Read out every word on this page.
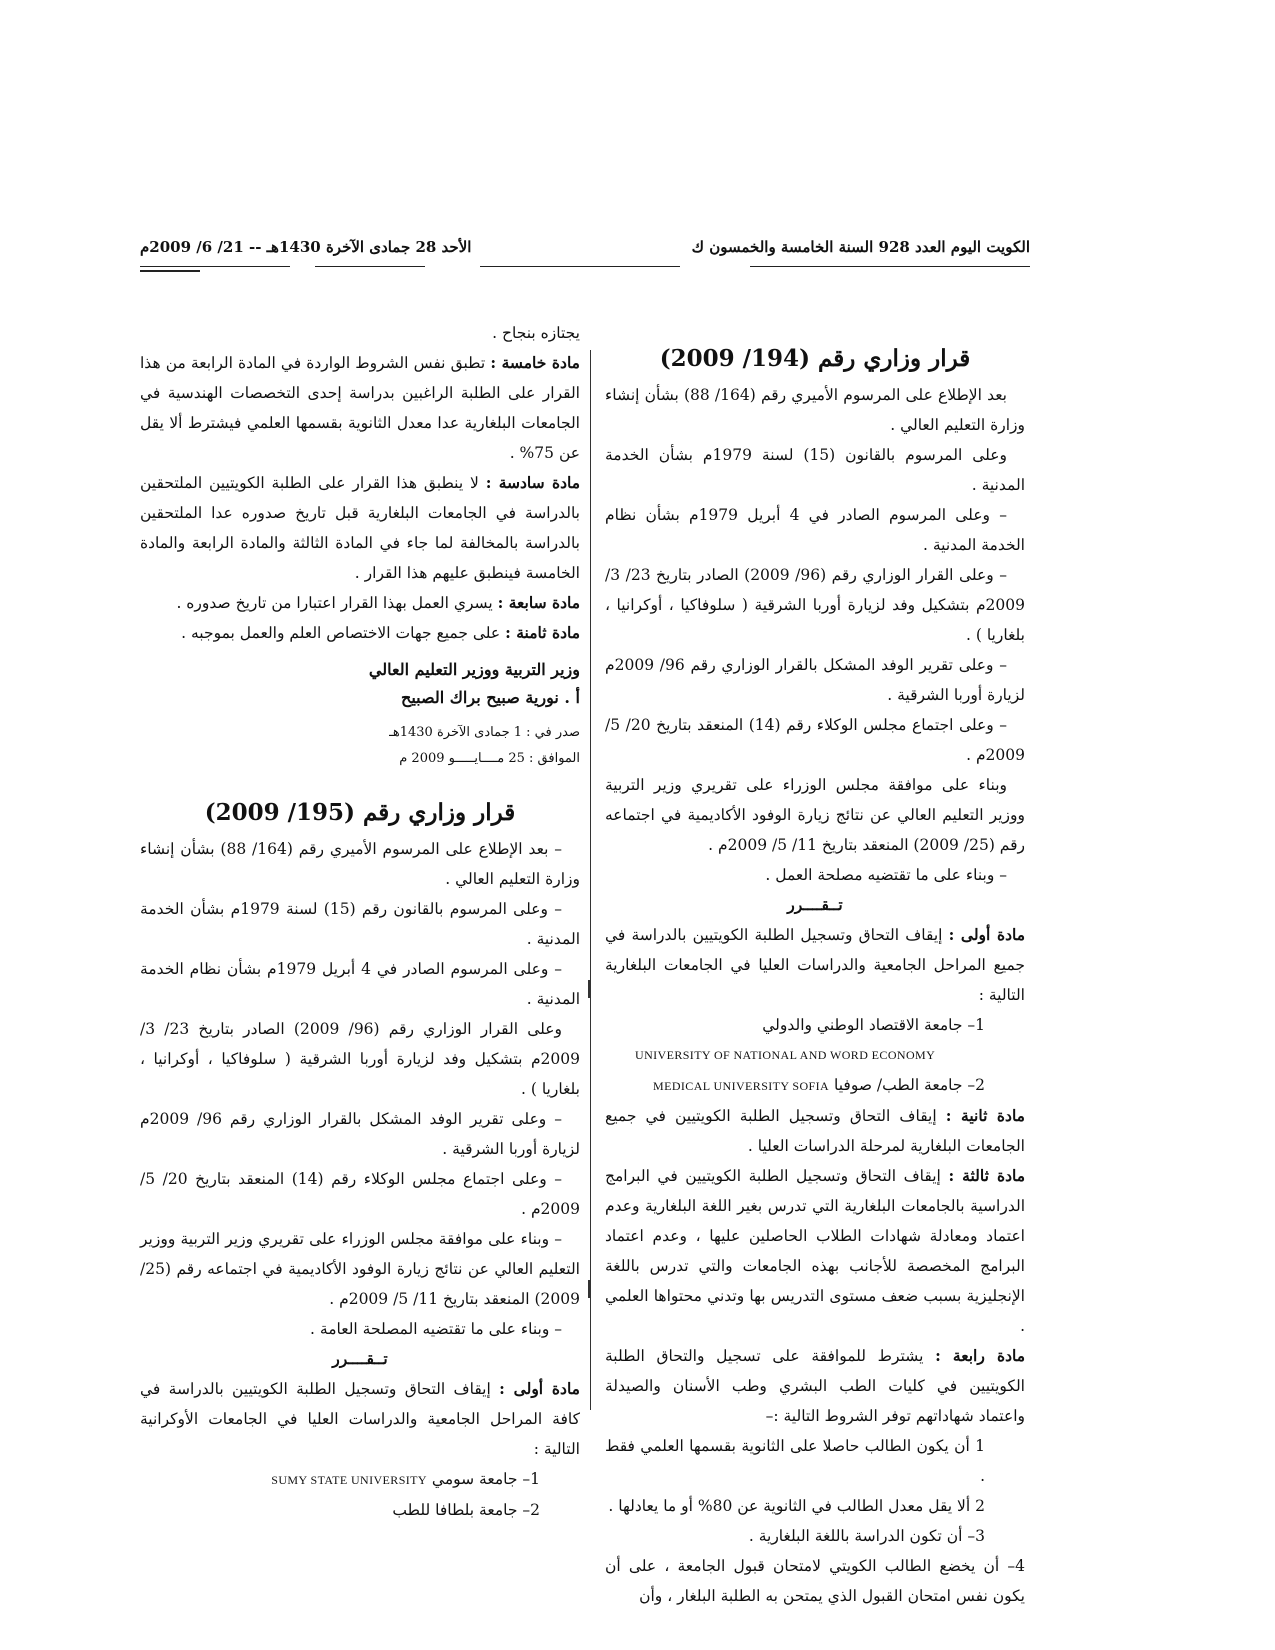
الكويت اليوم العدد 928 السنة الخامسة والخمسون ك
الأحد 28 جمادى الآخرة 1430هـ -- 21/ 6/ 2009م

قرار وزاري رقم (194/ 2009)

بعد الإطلاع على المرسوم الأميري رقم (164/ 88) بشأن إنشاء وزارة التعليم العالي .

وعلى المرسوم بالقانون (15) لسنة 1979م بشأن الخدمة المدنية .

– وعلى المرسوم الصادر في 4 أبريل 1979م بشأن نظام الخدمة المدنية .

– وعلى القرار الوزاري رقم (96/ 2009) الصادر بتاريخ 23/ 3/ 2009م بتشكيل وفد لزيارة أوربا الشرقية ( سلوفاكيا ، أوكرانيا ، بلغاريا ) .

– وعلى تقرير الوفد المشكل بالقرار الوزاري رقم 96/ 2009م لزيارة أوربا الشرقية .

– وعلى اجتماع مجلس الوكلاء رقم (14) المنعقد بتاريخ 20/ 5/ 2009م .

وبناء على موافقة مجلس الوزراء على تقريري وزير التربية ووزير التعليم العالي عن نتائج زيارة الوفود الأكاديمية في اجتماعه رقم (25/ 2009) المنعقد بتاريخ 11/ 5/ 2009م .

– وبناء على ما تقتضيه مصلحة العمل .

تــقــــرر

مادة أولى : إيقاف التحاق وتسجيل الطلبة الكويتيين بالدراسة في جميع المراحل الجامعية والدراسات العليا في الجامعات البلغارية التالية :

1– جامعة الاقتصاد الوطني والدولي

UNIVERSITY OF NATIONAL AND WORD ECONOMY

2– جامعة الطب/ صوفيا MEDICAL UNIVERSITY SOFIA

مادة ثانية : إيقاف التحاق وتسجيل الطلبة الكويتيين في جميع الجامعات البلغارية لمرحلة الدراسات العليا .

مادة ثالثة : إيقاف التحاق وتسجيل الطلبة الكويتيين في البرامج الدراسية بالجامعات البلغارية التي تدرس بغير اللغة البلغارية وعدم اعتماد ومعادلة شهادات الطلاب الحاصلين عليها ، وعدم اعتماد البرامج المخصصة للأجانب بهذه الجامعات والتي تدرس باللغة الإنجليزية بسبب ضعف مستوى التدريس بها وتدني محتواها العلمي .

مادة رابعة : يشترط للموافقة على تسجيل والتحاق الطلبة الكويتيين في كليات الطب البشري وطب الأسنان والصيدلة واعتماد شهاداتهم توفر الشروط التالية :–

1 أن يكون الطالب حاصلا على الثانوية بقسمها العلمي فقط .

2 ألا يقل معدل الطالب في الثانوية عن 80% أو ما يعادلها .

3– أن تكون الدراسة باللغة البلغارية .

4– أن يخضع الطالب الكويتي لامتحان قبول الجامعة ، على أن يكون نفس امتحان القبول الذي يمتحن به الطلبة البلغار ، وأن

يجتازه بنجاح .

مادة خامسة : تطبق نفس الشروط الواردة في المادة الرابعة من هذا القرار على الطلبة الراغبين بدراسة إحدى التخصصات الهندسية في الجامعات البلغارية عدا معدل الثانوية بقسمها العلمي فيشترط ألا يقل عن 75% .

مادة سادسة : لا ينطبق هذا القرار على الطلبة الكويتيين الملتحقين بالدراسة في الجامعات البلغارية قبل تاريخ صدوره عدا الملتحقين بالدراسة بالمخالفة لما جاء في المادة الثالثة والمادة الرابعة والمادة الخامسة فينطبق عليهم هذا القرار .

مادة سابعة : يسري العمل بهذا القرار اعتبارا من تاريخ صدوره .

مادة ثامنة : على جميع جهات الاختصاص العلم والعمل بموجبه .

وزير التربية ووزير التعليم العالي

أ . نورية صبيح براك الصبيح

صدر في : 1 جمادى الآخرة 1430هـ

الموافق : 25 مــــايـــــو 2009 م

قرار وزاري رقم (195/ 2009)

– بعد الإطلاع على المرسوم الأميري رقم (164/ 88) بشأن إنشاء وزارة التعليم العالي .

– وعلى المرسوم بالقانون رقم (15) لسنة 1979م بشأن الخدمة المدنية .

– وعلى المرسوم الصادر في 4 أبريل 1979م بشأن نظام الخدمة المدنية .

وعلى القرار الوزاري رقم (96/ 2009) الصادر بتاريخ 23/ 3/ 2009م بتشكيل وفد لزيارة أوربا الشرقية ( سلوفاكيا ، أوكرانيا ، بلغاريا ) .

– وعلى تقرير الوفد المشكل بالقرار الوزاري رقم 96/ 2009م لزيارة أوربا الشرقية .

– وعلى اجتماع مجلس الوكلاء رقم (14) المنعقد بتاريخ 20/ 5/ 2009م .

– وبناء على موافقة مجلس الوزراء على تقريري وزير التربية ووزير التعليم العالي عن نتائج زيارة الوفود الأكاديمية في اجتماعه رقم (25/ 2009) المنعقد بتاريخ 11/ 5/ 2009م .

– وبناء على ما تقتضيه المصلحة العامة .

تــقــــرر

مادة أولى : إيقاف التحاق وتسجيل الطلبة الكويتيين بالدراسة في كافة المراحل الجامعية والدراسات العليا في الجامعات الأوكرانية التالية :

1– جامعة سومي SUMY STATE UNIVERSITY

2– جامعة بلطافا للطب
